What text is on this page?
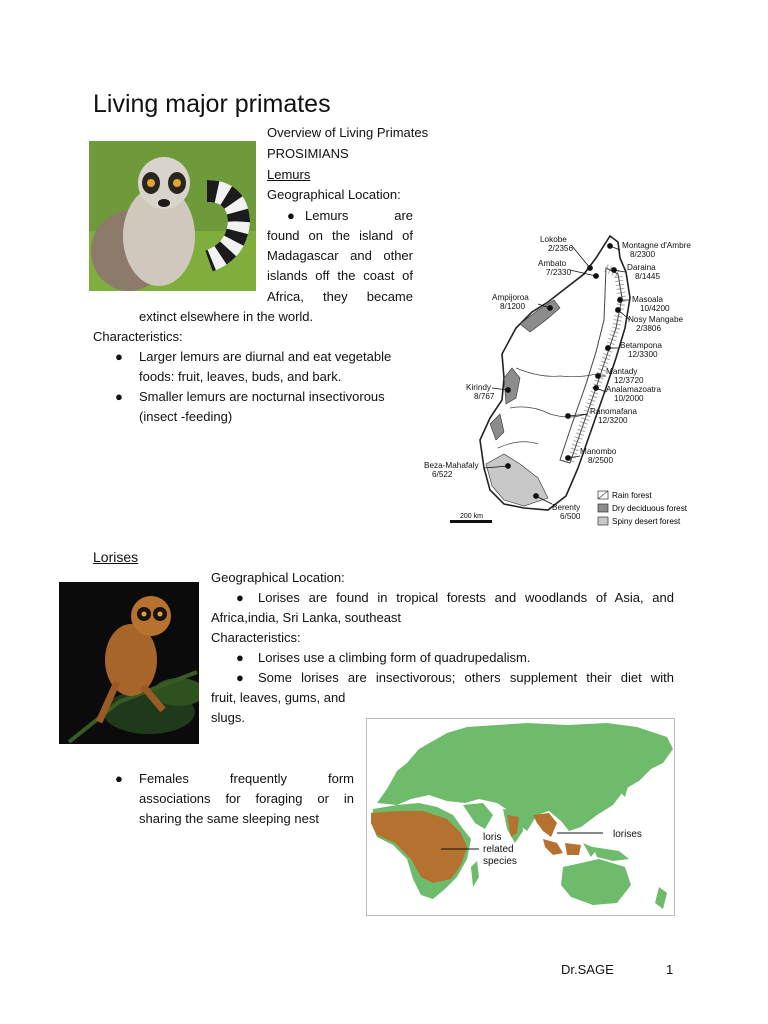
Living major primates
Overview of Living Primates
PROSIMIANS
Lemurs
Geographical Location:
● Lemurs are
found on the island of
Madagascar and other
islands off the coast of
Africa, they became
extinct elsewhere in the world.
Characteristics:
● Larger lemurs are diurnal and eat vegetable
foods: fruit, leaves, buds, and bark.
● Smaller lemurs are nocturnal insectivorous
(insect -feeding)
Lokobe
2/2356
Ambato
7/2330
Montagne d'Ambre
8/2300
Daraina
8/1445
Ampijoroa
8/1200
Masoala
10/4200
Nosy Mangabe
2/3806
Betampona
12/3300
Mantady
12/3720
Analamazoatra
10/2000
Kirindy
8/767
Ranomafana
12/3200
Manombo
8/2500
Beza-Mahafaly
6/522
Berenty
6/500
Rain forest
Dry deciduous forest
Spiny desert forest
200 km
Lorises
Geographical Location:
●	Lorises are found in tropical forests and woodlands of Asia, and
Africa,india, Sri Lanka, southeast
Characteristics:
● Lorises use a climbing form of quadrupedalism.
●	Some lorises are insectivorous; others supplement their diet with
fruit, leaves, gums, and
slugs.
● Females frequently form
associations for foraging or in
sharing the same sleeping nest
loris
related
species
lorises
Dr.SAGE	1
